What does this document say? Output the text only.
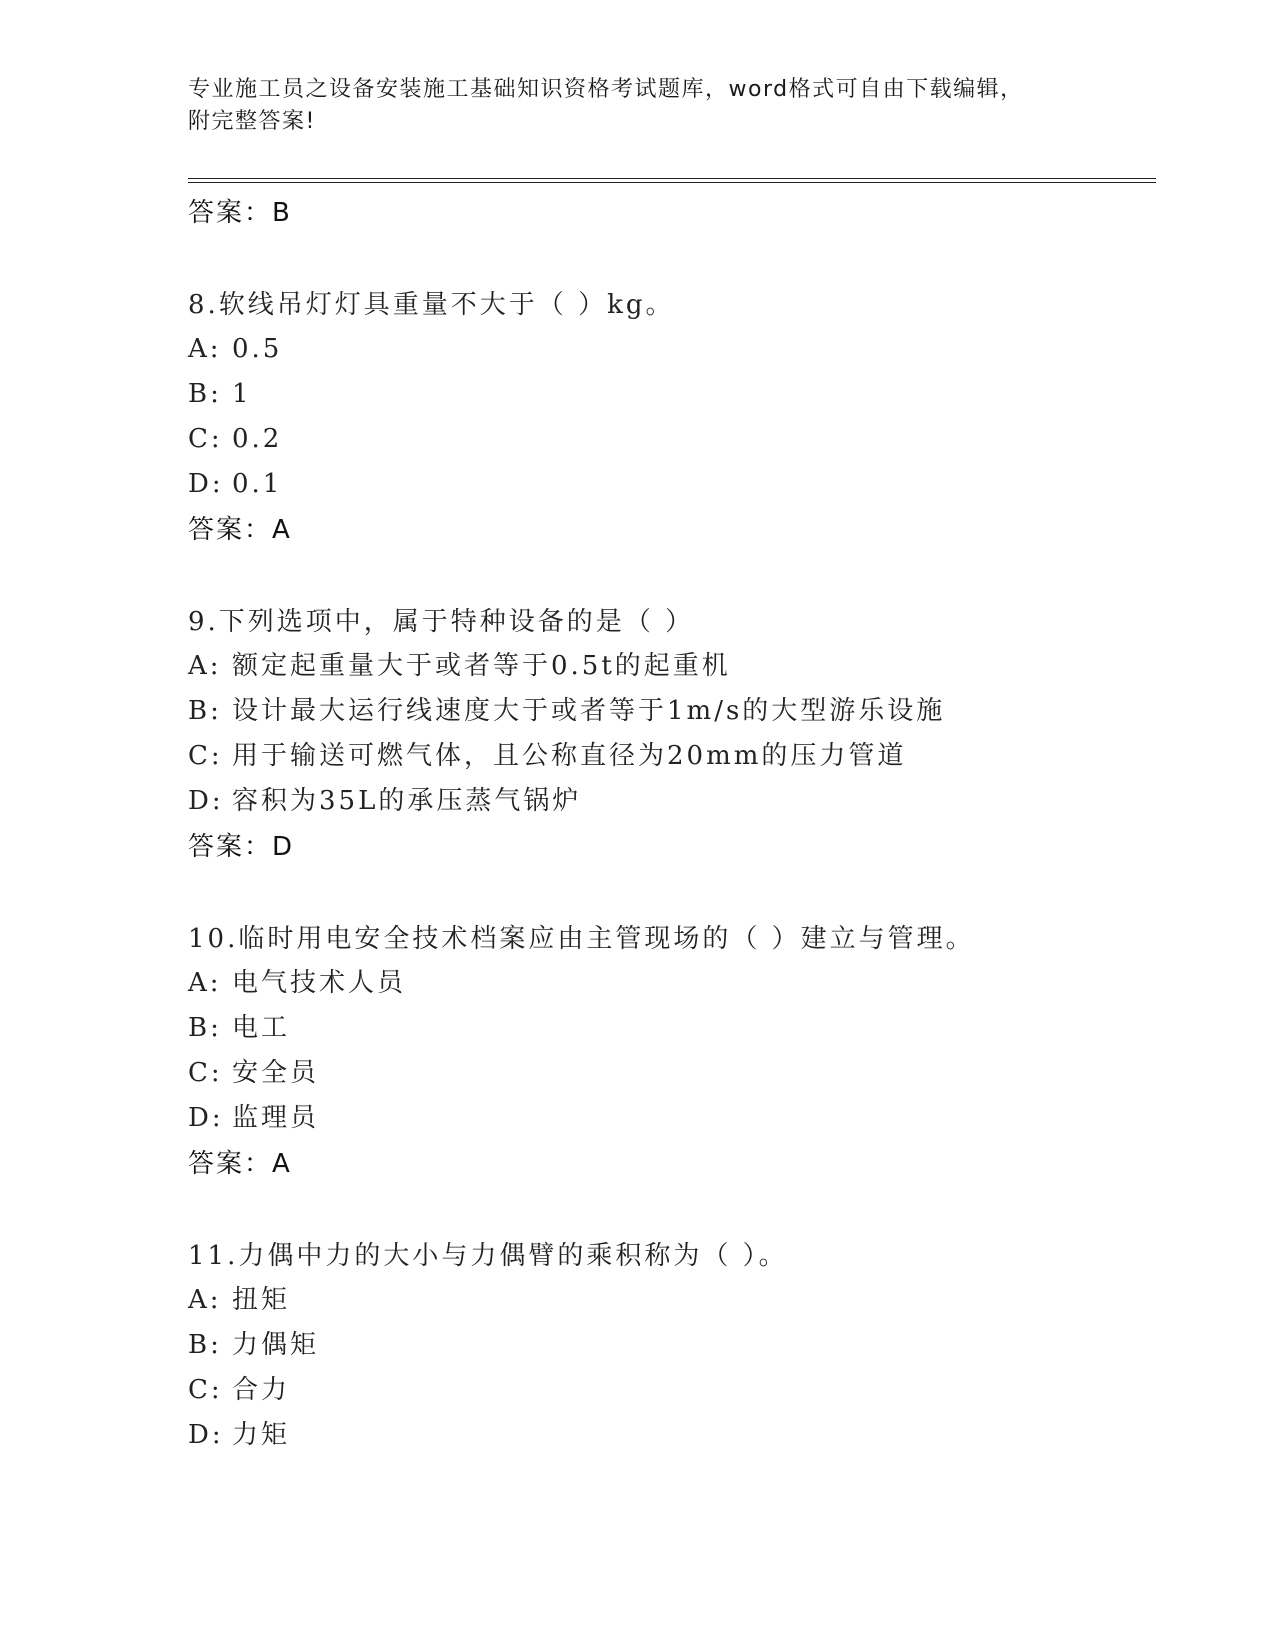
专业施工员之设备安装施工基础知识资格考试题库，word格式可自由下载编辑，
附完整答案!
答案：B
8.软线吊灯灯具重量不大于（ ）kg。
A: 0.5
B: 1
C: 0.2
D: 0.1
答案：A
9.下列选项中，属于特种设备的是（ ）
A: 额定起重量大于或者等于0.5t的起重机
B: 设计最大运行线速度大于或者等于1m/s的大型游乐设施
C: 用于输送可燃气体，且公称直径为20mm的压力管道
D: 容积为35L的承压蒸气锅炉
答案：D
10.临时用电安全技术档案应由主管现场的（ ）建立与管理。
A: 电气技术人员
B: 电工
C: 安全员
D: 监理员
答案：A
11.力偶中力的大小与力偶臂的乘积称为（ ）。
A: 扭矩
B: 力偶矩
C: 合力
D: 力矩
